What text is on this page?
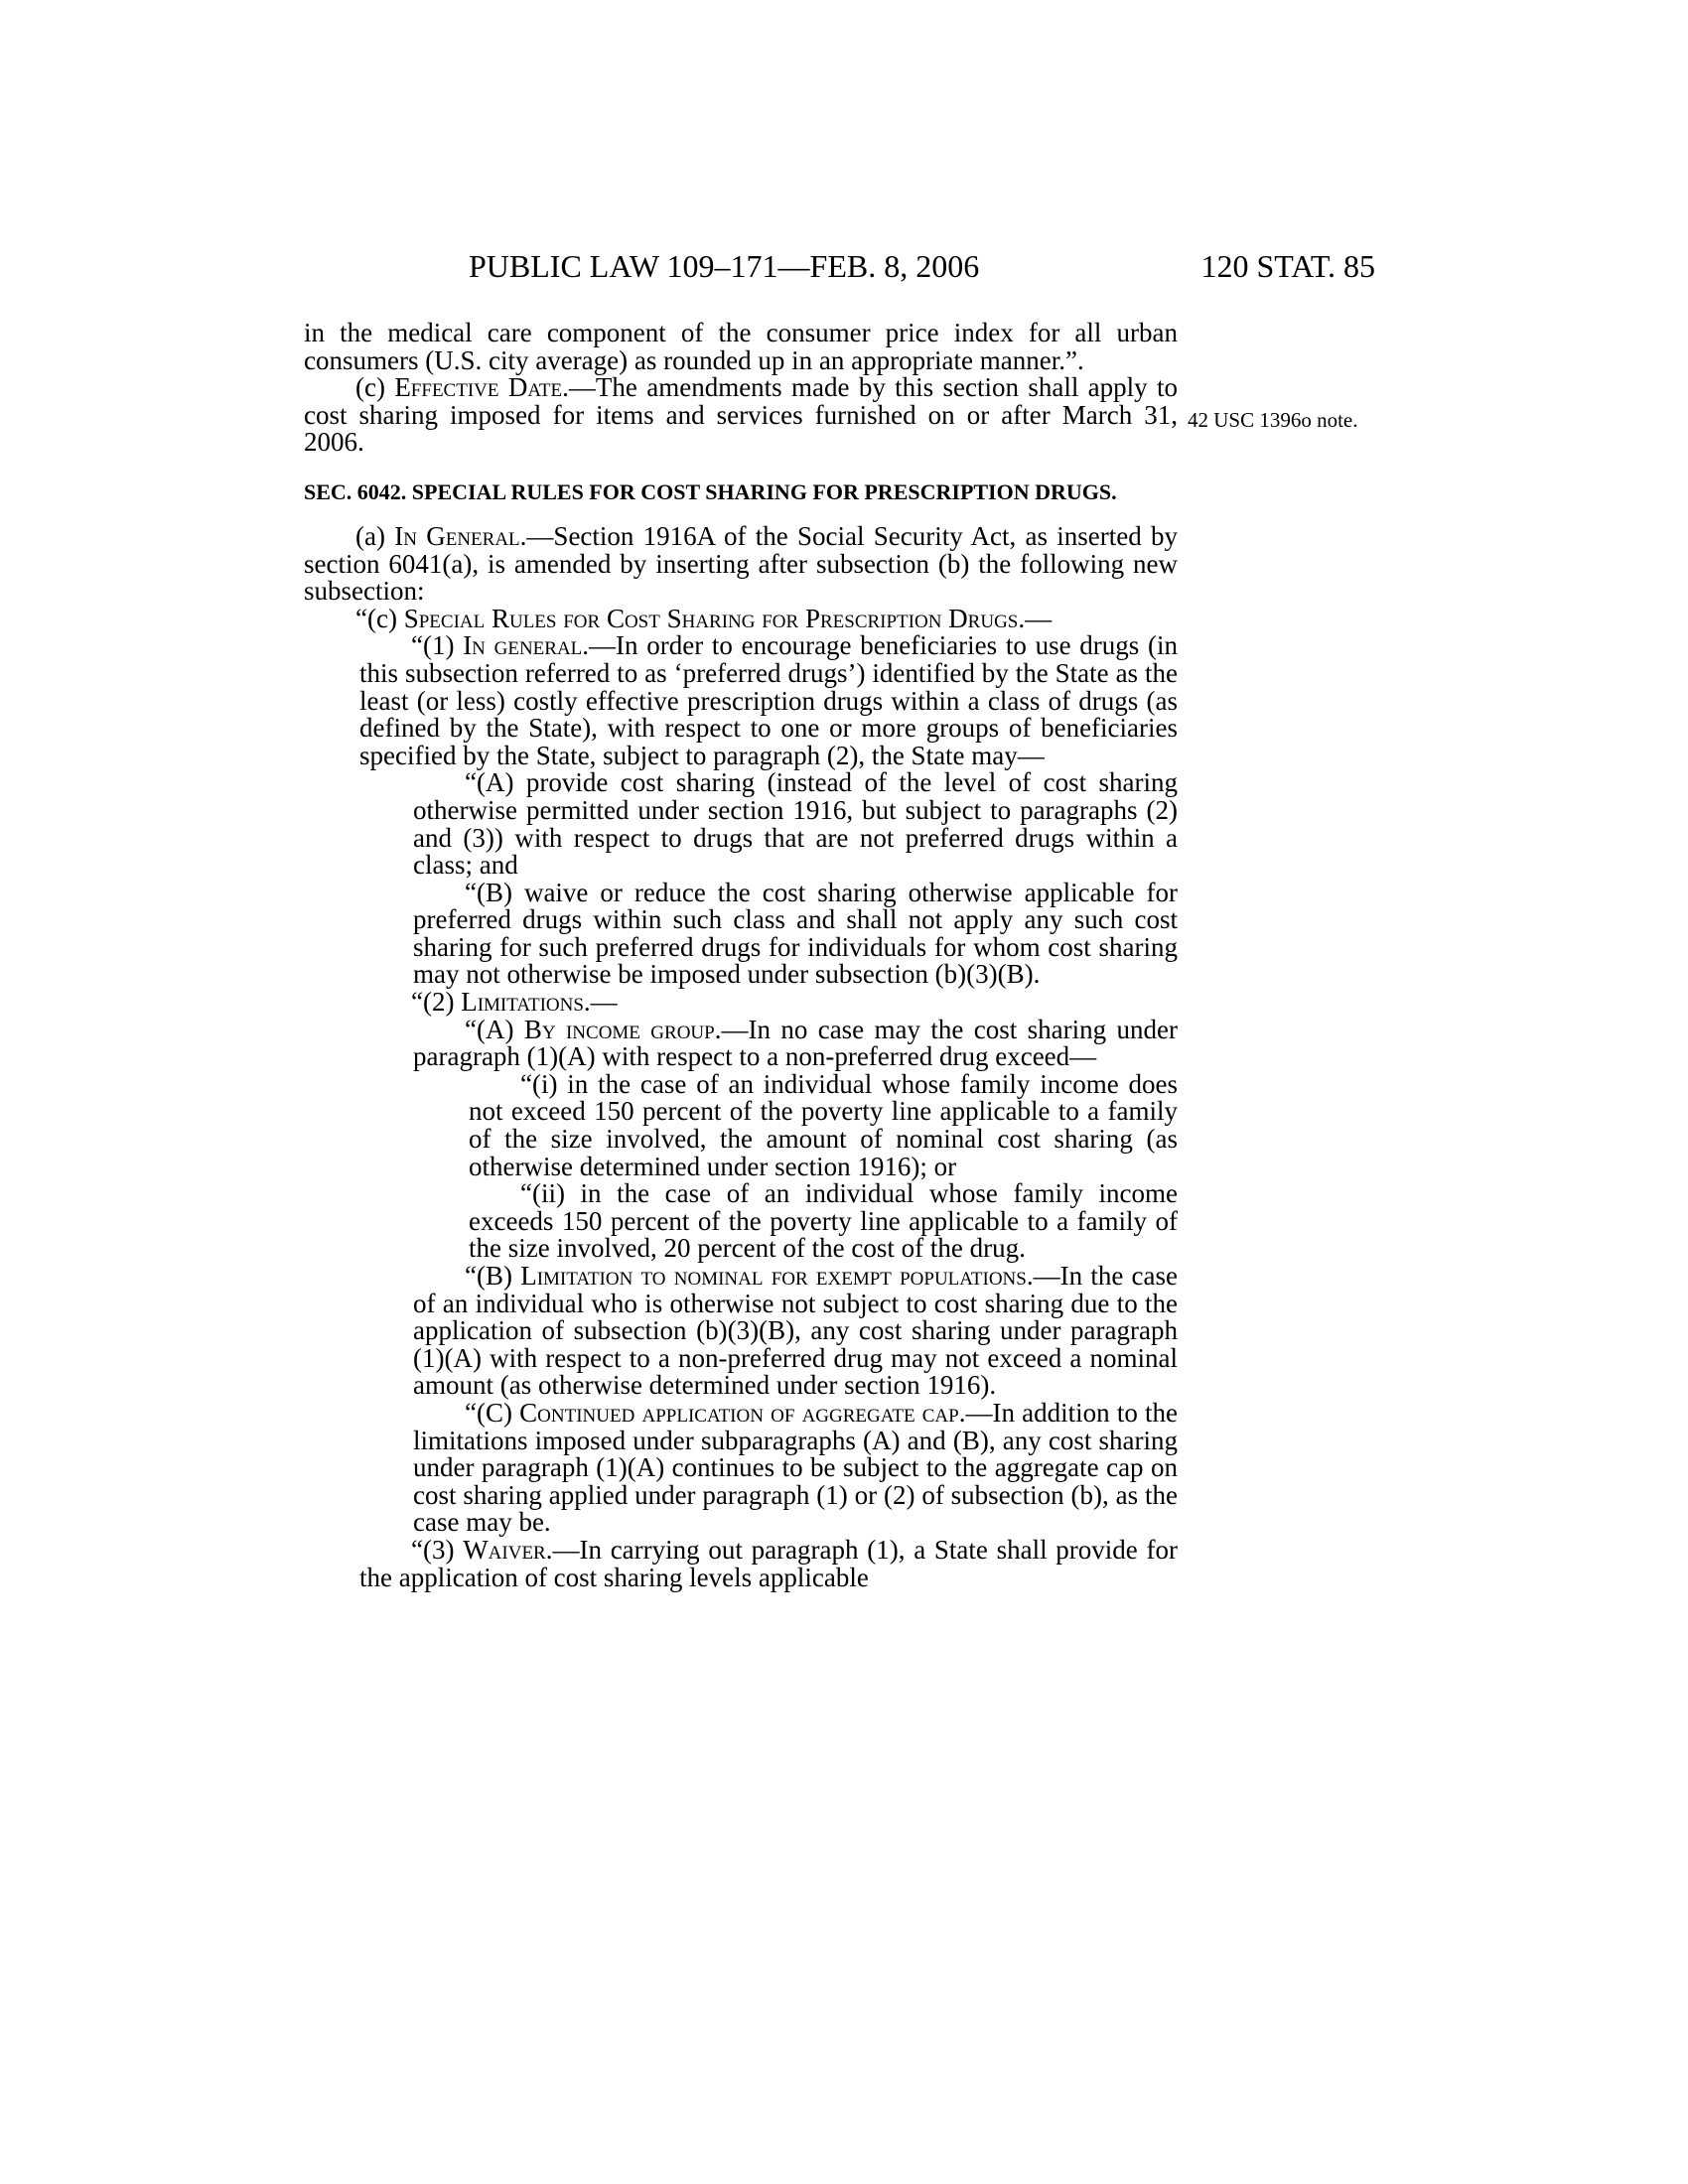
PUBLIC LAW 109–171—FEB. 8, 2006	120 STAT. 85
42 USC 1396o note.

in the medical care component of the consumer price index for all urban consumers (U.S. city average) as rounded up in an appropriate manner.”.

(c) Effective Date.—The amendments made by this section shall apply to cost sharing imposed for items and services furnished on or after March 31, 2006.

SEC. 6042. SPECIAL RULES FOR COST SHARING FOR PRESCRIPTION DRUGS.

(a) In General.—Section 1916A of the Social Security Act, as inserted by section 6041(a), is amended by inserting after subsection (b) the following new subsection:

“(c) Special Rules for Cost Sharing for Prescription Drugs.—

“(1) In general.—In order to encourage beneficiaries to use drugs (in this subsection referred to as ‘preferred drugs’) identified by the State as the least (or less) costly effective prescription drugs within a class of drugs (as defined by the State), with respect to one or more groups of beneficiaries specified by the State, subject to paragraph (2), the State may—

“(A) provide cost sharing (instead of the level of cost sharing otherwise permitted under section 1916, but subject to paragraphs (2) and (3)) with respect to drugs that are not preferred drugs within a class; and

“(B) waive or reduce the cost sharing otherwise applicable for preferred drugs within such class and shall not apply any such cost sharing for such preferred drugs for individuals for whom cost sharing may not otherwise be imposed under subsection (b)(3)(B).

“(2) Limitations.—

“(A) By income group.—In no case may the cost sharing under paragraph (1)(A) with respect to a non-preferred drug exceed—

“(i) in the case of an individual whose family income does not exceed 150 percent of the poverty line applicable to a family of the size involved, the amount of nominal cost sharing (as otherwise determined under section 1916); or

“(ii) in the case of an individual whose family income exceeds 150 percent of the poverty line applicable to a family of the size involved, 20 percent of the cost of the drug.

“(B) Limitation to nominal for exempt populations.—In the case of an individual who is otherwise not subject to cost sharing due to the application of subsection (b)(3)(B), any cost sharing under paragraph (1)(A) with respect to a non-preferred drug may not exceed a nominal amount (as otherwise determined under section 1916).

“(C) Continued application of aggregate cap.—In addition to the limitations imposed under subparagraphs (A) and (B), any cost sharing under paragraph (1)(A) continues to be subject to the aggregate cap on cost sharing applied under paragraph (1) or (2) of subsection (b), as the case may be.

“(3) Waiver.—In carrying out paragraph (1), a State shall provide for the application of cost sharing levels applicable
